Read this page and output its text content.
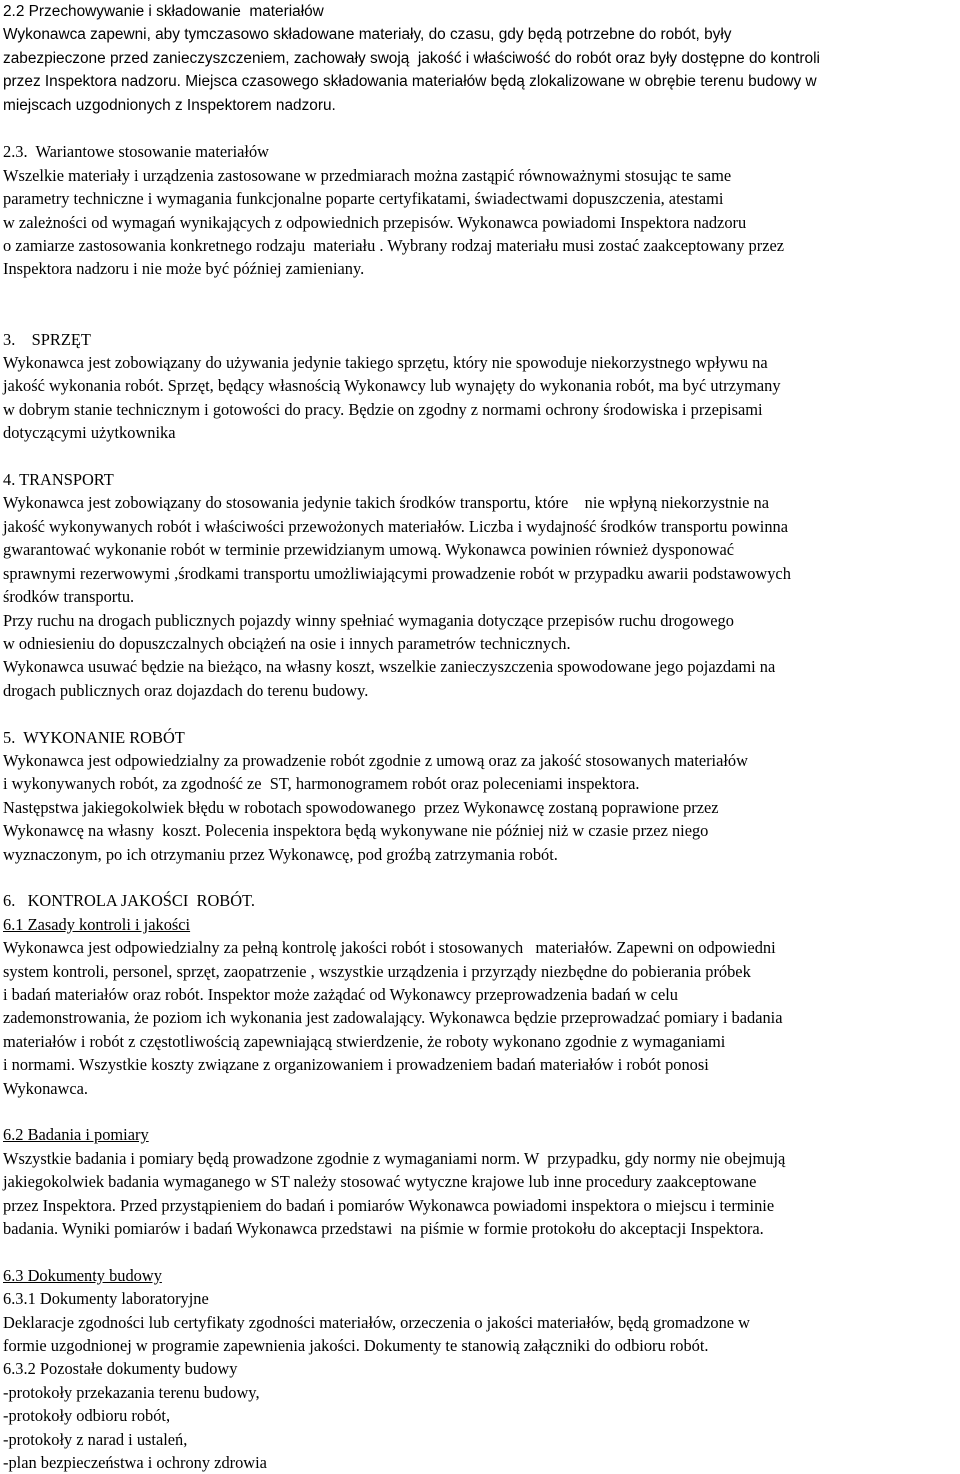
2.2 Przechowywanie i składowanie  materiałów
Wykonawca zapewni, aby tymczasowo składowane materiały, do czasu, gdy będą potrzebne do robót, były
zabezpieczone przed zanieczyszczeniem, zachowały swoją  jakość i właściwość do robót oraz były dostępne do kontroli
przez Inspektora nadzoru. Miejsca czasowego składowania materiałów będą zlokalizowane w obrębie terenu budowy w
miejscach uzgodnionych z Inspektorem nadzoru.
2.3.  Wariantowe stosowanie materiałów
Wszelkie materiały i urządzenia zastosowane w przedmiarach można zastąpić równoważnymi stosując te same
parametry techniczne i wymagania funkcjonalne poparte certyfikatami, świadectwami dopuszczenia, atestami
w zależności od wymagań wynikających z odpowiednich przepisów. Wykonawca powiadomi Inspektora nadzoru
o zamiarze zastosowania konkretnego rodzaju  materiału . Wybrany rodzaj materiału musi zostać zaakceptowany przez
Inspektora nadzoru i nie może być później zamieniany.
3.    SPRZĘT
Wykonawca jest zobowiązany do używania jedynie takiego sprzętu, który nie spowoduje niekorzystnego wpływu na
jakość wykonania robót. Sprzęt, będący własnością Wykonawcy lub wynajęty do wykonania robót, ma być utrzymany
w dobrym stanie technicznym i gotowości do pracy. Będzie on zgodny z normami ochrony środowiska i przepisami
dotyczącymi użytkownika
4. TRANSPORT
Wykonawca jest zobowiązany do stosowania jedynie takich środków transportu, które    nie wpłyną niekorzystnie na
jakość wykonywanych robót i właściwości przewożonych materiałów. Liczba i wydajność środków transportu powinna
gwarantować wykonanie robót w terminie przewidzianym umową. Wykonawca powinien również dysponować
sprawnymi rezerwowymi ,środkami transportu umożliwiającymi prowadzenie robót w przypadku awarii podstawowych
środków transportu.
Przy ruchu na drogach publicznych pojazdy winny spełniać wymagania dotyczące przepisów ruchu drogowego
w odniesieniu do dopuszczalnych obciążeń na osie i innych parametrów technicznych.
Wykonawca usuwać będzie na bieżąco, na własny koszt, wszelkie zanieczyszczenia spowodowane jego pojazdami na
drogach publicznych oraz dojazdach do terenu budowy.
5.  WYKONANIE ROBÓT
Wykonawca jest odpowiedzialny za prowadzenie robót zgodnie z umową oraz za jakość stosowanych materiałów
i wykonywanych robót, za zgodność ze  ST, harmonogramem robót oraz poleceniami inspektora.
Następstwa jakiegokolwiek błędu w robotach spowodowanego  przez Wykonawcę zostaną poprawione przez
Wykonawcę na własny  koszt. Polecenia inspektora będą wykonywane nie później niż w czasie przez niego
wyznaczonym, po ich otrzymaniu przez Wykonawcę, pod groźbą zatrzymania robót.
6.   KONTROLA JAKOŚCI  ROBÓT.
6.1 Zasady kontroli i jakości
Wykonawca jest odpowiedzialny za pełną kontrolę jakości robót i stosowanych   materiałów. Zapewni on odpowiedni
system kontroli, personel, sprzęt, zaopatrzenie , wszystkie urządzenia i przyrządy niezbędne do pobierania próbek
i badań materiałów oraz robót. Inspektor może zażądać od Wykonawcy przeprowadzenia badań w celu
zademonstrowania, że poziom ich wykonania jest zadowalający. Wykonawca będzie przeprowadzać pomiary i badania
materiałów i robót z częstotliwością zapewniającą stwierdzenie, że roboty wykonano zgodnie z wymaganiami
i normami. Wszystkie koszty związane z organizowaniem i prowadzeniem badań materiałów i robót ponosi
Wykonawca.
6.2 Badania i pomiary
Wszystkie badania i pomiary będą prowadzone zgodnie z wymaganiami norm. W  przypadku, gdy normy nie obejmują
jakiegokolwiek badania wymaganego w ST należy stosować wytyczne krajowe lub inne procedury zaakceptowane
przez Inspektora. Przed przystąpieniem do badań i pomiarów Wykonawca powiadomi inspektora o miejscu i terminie
badania. Wyniki pomiarów i badań Wykonawca przedstawi  na piśmie w formie protokołu do akceptacji Inspektora.
6.3 Dokumenty budowy
6.3.1 Dokumenty laboratoryjne
Deklaracje zgodności lub certyfikaty zgodności materiałów, orzeczenia o jakości materiałów, będą gromadzone w
formie uzgodnionej w programie zapewnienia jakości. Dokumenty te stanowią załączniki do odbioru robót.
6.3.2 Pozostałe dokumenty budowy
-protokoły przekazania terenu budowy,
-protokoły odbioru robót,
-protokoły z narad i ustaleń,
-plan bezpieczeństwa i ochrony zdrowia
